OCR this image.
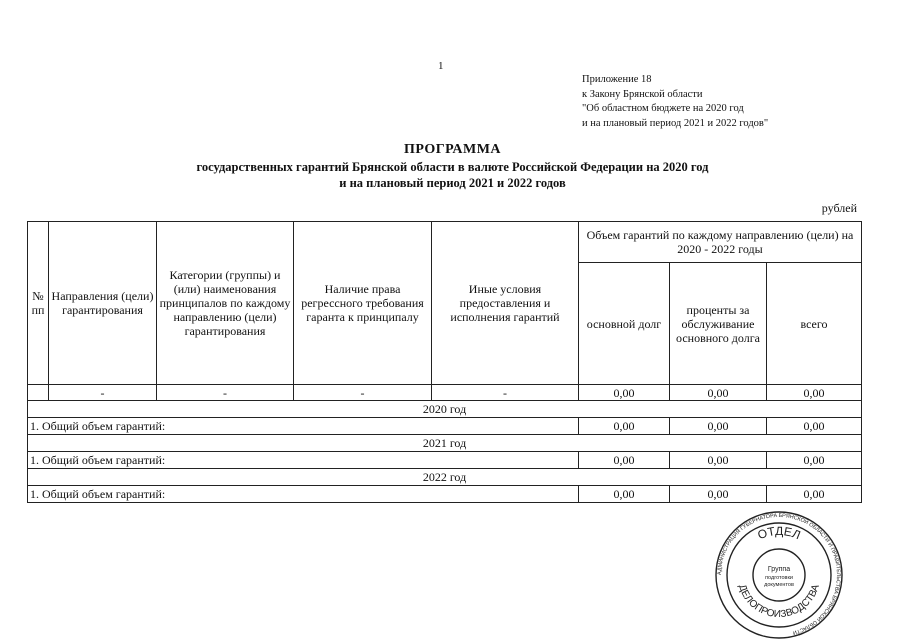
1
Приложение 18
к Закону Брянской области
"Об областном бюджете на 2020 год
и на плановый период 2021 и 2022 годов"
ПРОГРАММА
государственных гарантий Брянской области в валюте Российской Федерации на 2020 год
и на плановый период 2021 и 2022 годов
рублей
№ пп	Направления (цели) гарантирования	Категории (группы) и (или) наименования принципалов по каждому направлению (цели) гарантирования	Наличие права регрессного требования гаранта к принципалу	Иные условия предоставления и исполнения гарантий	Объем гарантий по каждому направлению (цели) на 2020 - 2022 годы		
					основной долг	проценты за обслуживание основного долга	всего
	-	-	-	-	0,00	0,00	0,00
2020 год							
1. Общий объем гарантий:					0,00	0,00	0,00
2021 год							
1. Общий объем гарантий:					0,00	0,00	0,00
2022 год							
1. Общий объем гарантий:					0,00	0,00	0,00
АДМИНИСТРАЦИЯ ГУБЕРНАТОРА БРЯНСКОЙ ОБЛАСТИ И ПРАВИТЕЛЬСТВА БРЯНСКОЙ ОБЛАСТИ
ОТДЕЛ
ДЕЛОПРОИЗВОДСТВА
Группа
подготовки
документов
